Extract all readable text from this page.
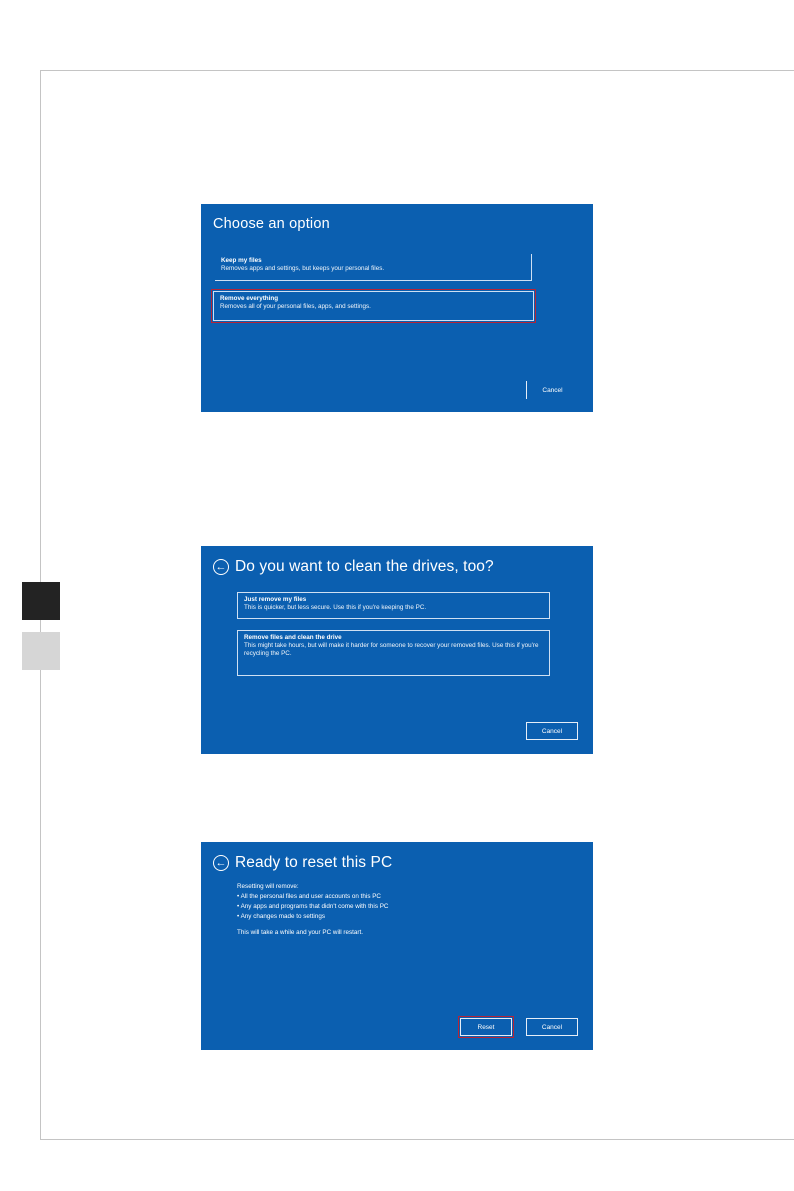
Choose an option
Keep my files
Removes apps and settings, but keeps your personal files.
Remove everything
Removes all of your personal files, apps, and settings.
Cancel
← Do you want to clean the drives, too?
Just remove my files
This is quicker, but less secure. Use this if you're keeping the PC.
Remove files and clean the drive
This might take hours, but will make it harder for someone to recover your removed files. Use this if you're recycling the PC.
Cancel
← Ready to reset this PC
Resetting will remove:
• All the personal files and user accounts on this PC
• Any apps and programs that didn't come with this PC
• Any changes made to settings
This will take a while and your PC will restart.
Reset	Cancel
